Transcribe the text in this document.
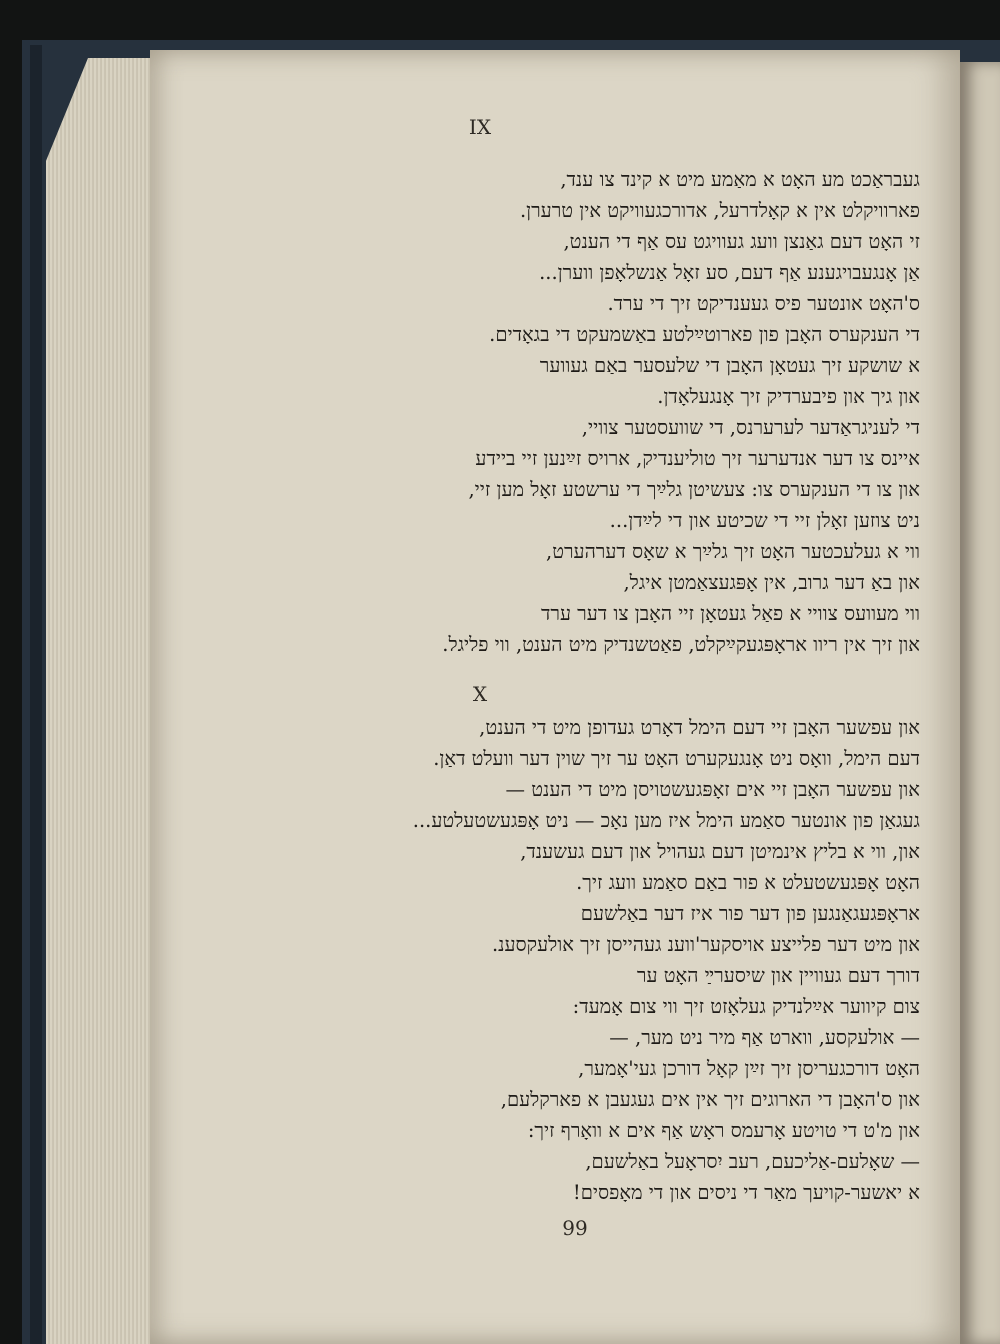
IX
געבראַכט מע האָט א מאַמע מיט א קינד צו ענד,
פארוויקלט אין א קאָלדרעל, אדורכגעוויקט אין טרערן.
זי האָט דעם גאַנצן וועג געוויגט עס אַף די הענט,
אַן אָנגעבויגענע אַף דעם, סע זאָל אַנשלאָפן ווערן...
ס'האָט אונטער פיס געענדיקט זיך די ערד.
די הענקערס האָבן פון פארוטײַלטע באַשמעקט די בגאָדים.
א שושקע זיך געטאָן האָבן די שלעסער באַם געווער
און גיך און פיבערדיק זיך אָנגעלאָדן.
די לעניגראַדער לערערנס, די שוועסטער צוויי,
איינס צו דער אנדערער זיך טוליענדיק, ארויס זײַנען זיי ביידע
און צו די הענקערס צו: צעשיטן גלײַך די ערשטע זאָל מען זיי,
ניט צוזען זאָלן זיי די שכיטע און די לײַדן...
ווי א געלעכטער האָט זיך גלײַך א שאָס דערהערט,
און באַ דער גרוב, אין אָפּגעצאַמטן איגל,
ווי מעוועס צוויי א פאַל געטאָן זיי האָבן צו דער ערד
און זיך אין ריוו אראָפּגעקײַקלט, פאַטשנדיק מיט הענט, ווי פליגל.
X
און עפשער האָבן זיי דעם הימל דאָרט געדופן מיט די הענט,
דעם הימל, וואָס ניט אָנגעקערט האָט ער זיך שוין דער וועלט דאַן.
און עפשער האָבן זיי אים זאָפּגעשטויסן מיט די הענט —
געגאַן פון אונטער סאַמע הימל איז מען נאָכ — ניט אָפּגעשטעלטע...
און, ווי א בליץ אינמיטן דעם געהויל און דעם געשענד,
האָט אָפּגעשטעלט א פור באַם סאַמע וועג זיך.
אראָפּגעגאַנגען פון דער פור איז דער באַלשעם
און מיט דער פלייצע אויסקער'ווענ געהייסן זיך אולעקסענ.
דורך דעם געוויין און שיסערײַ האָט ער
צום קיווער אײַלנדיק געלאָזט זיך ווי צום אָמעד:
— אולעקסע, ווארט אַף מיר ניט מער, —
האָט דורכגעריסן זיך זײַן קאָל דורכן געי'אָמער,
און ס'האָבן די הארוגים זיך אין אים געגעבן א פארקלעם,
און מ'ט די טויטע אָרעמס ראָש אַף אים א וואָרף זיך:
— שאָלעם-אַליכעם, רעב יִסראָעל באַלשעם,
א יאשער-קויעך מאַר די ניסים און די מאָפסים!
99
